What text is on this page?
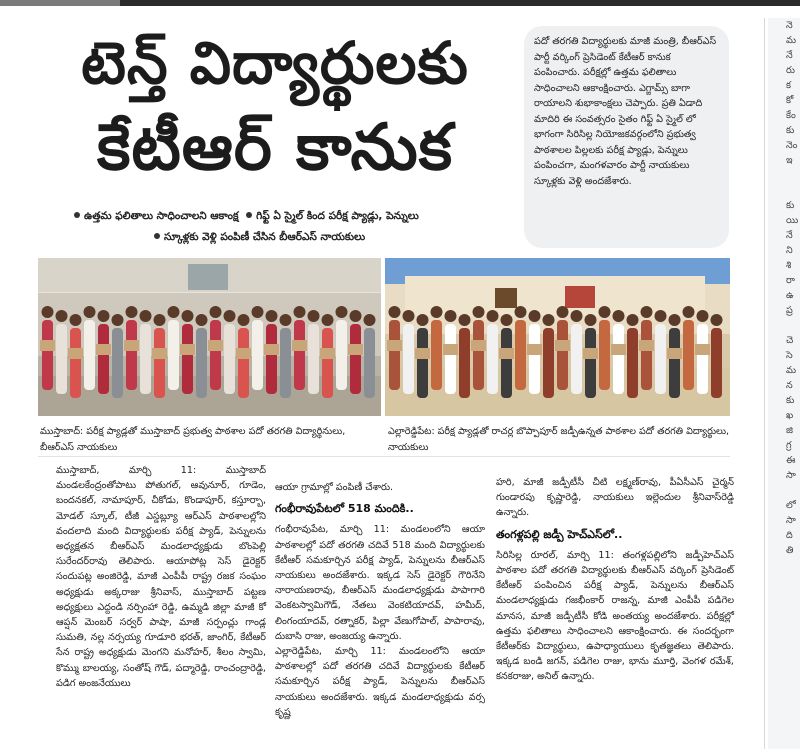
టెన్త్ విద్యార్థులకు
కేటీఆర్ కానుక
ఉత్తమ ఫలితాలు సాధించాలని ఆకాంక్ష గిఫ్ట్ ఏ స్మైల్ కింద పరీక్ష ప్యాడ్లు, పెన్నులు
స్కూళ్లకు వెళ్లి పంపిణీ చేసిన బీఆర్ఎస్ నాయకులు
పదో తరగతి విద్యార్థులకు మాజీ మంత్రి, బీఆర్ఎస్ పార్టీ వర్కింగ్ ప్రెసిడెంట్ కేటీఆర్ కానుక పంపించారు. పరీక్షల్లో ఉత్తమ ఫలితాలు సాధించాలని ఆకాంక్షించారు. ఎగ్జామ్స్ బాగా రాయాలని శుభాకాంక్షలు చెప్పారు. ప్రతి ఏడాది మాదిరి ఈ సంవత్సరం సైతం గిఫ్ట్ ఏ స్మైల్ లో భాగంగా సిరిసిల్ల నియోజకవర్గంలోని ప్రభుత్వ పాఠశాలల పిల్లలకు పరీక్ష ప్యాడ్లు, పెన్నులు పంపించగా, మంగళవారం పార్టీ నాయకులు స్కూళ్లకు వెళ్లి అందజేశారు.
ముస్తాబాద్: పరీక్ష ప్యాడ్లతో ముస్తాబాద్ ప్రభుత్వ పాఠశాల పదో తరగతి విద్యార్థినులు, బీఆర్ఎస్ నాయకులు
ఎల్లారెడ్డిపేట: పరీక్ష ప్యాడ్లతో రాచర్ల బొప్పాపూర్ జడ్పీఉన్నత పాఠశాల పదో తరగతి విద్యార్థులు, నాయకులు
ముస్తాబాద్, మార్చి 11: ముస్తాబాద్ మండలకేంద్రంతోపాటు పోతుగల్, ఆవునూర్, గూడెం, బందనకల్, నామాపూర్, చీకోడు, కొండాపూర్, కస్తూర్బా, మోడల్ స్కూల్, టీజీ ఎస్డబ్ల్యూ ఆర్ఎస్ పాఠశాలల్లోని వందలాది మంది విద్యార్థులకు పరీక్ష ప్యాడ్, పెన్నులను అధ్యక్షతన బీఆర్ఎస్ మండలాధ్యక్షుడు బొంపెల్లి సురేందర్‌రావు తెలిపారు. ఆయాపోట్ల సెస్ డైరెక్టర్ సందుపట్ల అంజిరెడ్డి, మాజీ ఎంపీపీ రాష్ట్ర రజక సంఘం అధ్యక్షుడు అక్కరాజు శ్రీనివాస్, ముస్తాబాద్ పట్టణ అధ్యక్షులు ఎద్దండి నర్సింహా రెడ్డి, ఉమ్మడి జిల్లా మాజీ కో ఆప్షన్ మెంబర్ సర్వర్ పాషా, మాజీ సర్పంచ్లు గాండ్ల సుమతి, నల్ల నర్సయ్య గూడూరి భరత్, జాంగిర్, కేటీఆర్ సేన రాష్ట్ర అధ్యక్షుడు మెంగని మనోహర్, శీలం స్వామి, కొమ్ము బాలయ్య, సంతోష్ గౌడ్, పద్మారెడ్డి, రాంచంద్రారెడ్డి, పడిగ అంజనేయులు
ఆయా గ్రామాల్లో పంపిణీ చేశారు.
గంభీరావుపేటలో 518 మందికి..
గంభీరావుపేట, మార్చి 11: మండలంలోని ఆయా పాఠశాలల్లో పదో తరగతి చదివే 518 మంది విద్యార్థులకు కేటీఆర్ సమకూర్చిన పరీక్ష ప్యాడ్, పెన్నులను బీఆర్ఎస్ నాయకులు అందజేశారు. ఇక్కడ సెస్ డైరెక్టర్ గౌరినేని నారాయణరావు, బీఆర్ఎస్ మండలాధ్యక్షుడు పాపాగారి వెంకటస్వామిగౌడ్, నేతలు వెంకటియాదవ్, హమీద్, లింగంయాదవ్, రత్నాకర్, పిల్లా వేణుగోపాల్, పాపారావు, దుబాసి రాజు, అంజయ్య ఉన్నారు.
ఎల్లారెడ్డిపేట, మార్చి 11: మండలంలోని ఆయా పాఠశాలల్లో పదో తరగతి చదివే విద్యార్థులకు కేటీఆర్ సమకూర్చిన పరీక్ష ప్యాడ్, పెన్నులను బీఆర్ఎస్ నాయకులు అందజేశారు. ఇక్కడ మండలాధ్యక్షుడు వర్స కృష్ణ
హరి, మాజీ జడ్పీటీసీ చీటి లక్ష్మణ్‌రావు, పీఏసీఎస్ చైర్మన్ గుండారపు కృష్ణారెడ్డి, నాయకులు ఇల్లెందుల శ్రీనివాస్‌రెడ్డి ఉన్నారు.
తంగళ్లపల్లి జడ్పీ హెచ్ఎస్‌లో..
సిరిసిల్ల రూరల్, మార్చి 11: తంగళ్లపల్లిలోని జడ్పీహెచ్ఎస్ పాఠశాల పదో తరగతి విద్యార్థులకు బీఆర్ఎస్ వర్కింగ్ ప్రెసిడెంట్ కేటీఆర్ పంపించిన పరీక్ష ప్యాడ్, పెన్నులను బీఆర్ఎస్ మండలాధ్యక్షుడు గజభీంకార్ రాజన్న, మాజీ ఎంపీపీ పడిగెల మానస, మాజీ జడ్పీటీసీ కోడి అంతయ్య అందజేశారు. పరీక్షల్లో ఉత్తమ ఫలితాలు సాధించాలని ఆకాంక్షించారు. ఈ సందర్భంగా కేటీఆర్‌కు విద్యార్థులు, ఉపాధ్యాయులు కృతజ్ఞతలు తెలిపారు. ఇక్కడ బండి జగన్, పడిగెల రాజు, భాను మూర్తి, వెంగళ రమేశ్, కనకరాజు, అనిల్ ఉన్నారు.
నె
మ
నే
రు
క
కో
కేం
కు
నెం
ఇ
కు
యి
నే
ని
శి
రా
ఉ
ప్ర
చె
సె
మ
న
కు
ఖ
జి
గ్ర
ఈ
సా
లో
సా
ది
తి
